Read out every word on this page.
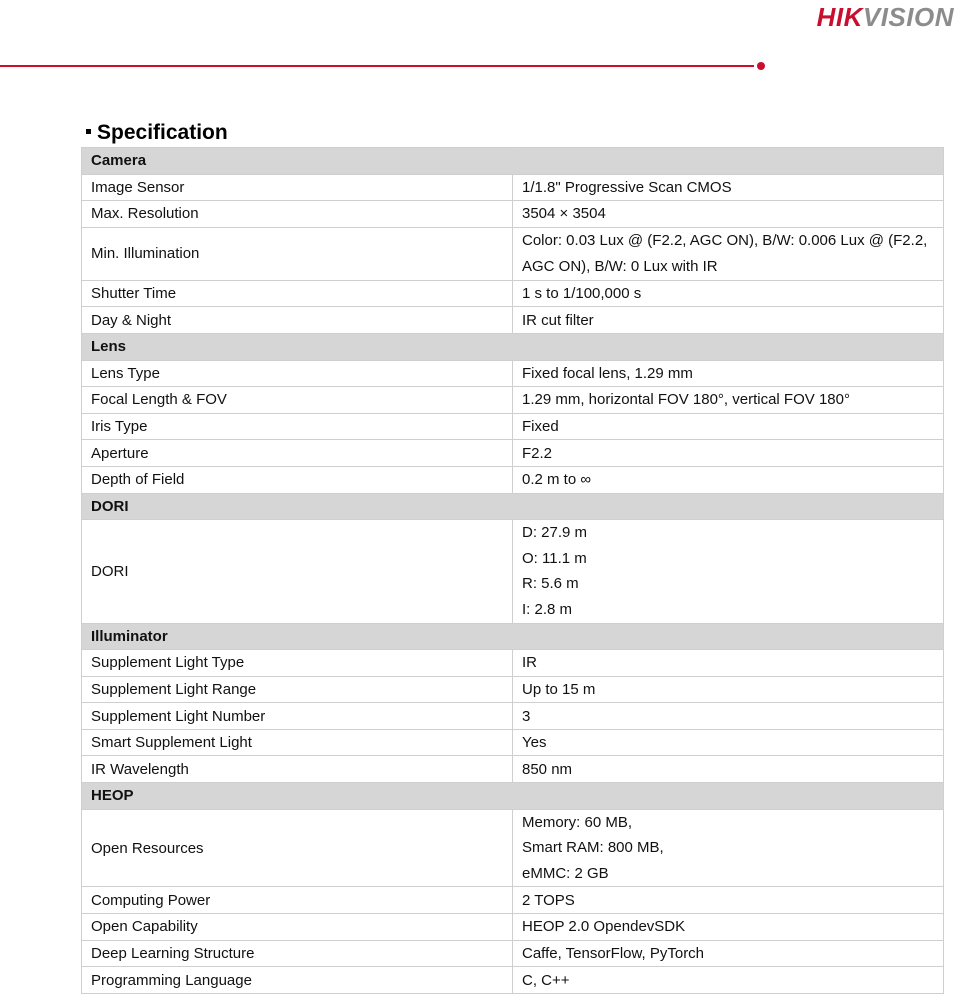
HIKVISION
Specification
Camera	
Image Sensor	1/1.8" Progressive Scan CMOS
Max. Resolution	3504 × 3504
Min. Illumination	Color: 0.03 Lux @ (F2.2, AGC ON), B/W: 0.006 Lux @ (F2.2, AGC ON), B/W: 0 Lux with IR
Shutter Time	1 s to 1/100,000 s
Day & Night	IR cut filter
Lens	
Lens Type	Fixed focal lens, 1.29 mm
Focal Length & FOV	1.29 mm, horizontal FOV 180°, vertical FOV 180°
Iris Type	Fixed
Aperture	F2.2
Depth of Field	0.2 m to ∞
DORI	
DORI	D: 27.9 m
O: 11.1 m
R: 5.6 m
I: 2.8 m

Illuminator	
Supplement Light Type	IR
Supplement Light Range	Up to 15 m
Supplement Light Number	3
Smart Supplement Light	Yes
IR Wavelength	850 nm
HEOP	
Open Resources	Memory: 60 MB,
Smart RAM: 800 MB,
eMMC: 2 GB

Computing Power	2 TOPS
Open Capability	HEOP 2.0 OpendevSDK
Deep Learning Structure	Caffe, TensorFlow, PyTorch
Programming Language	C, C++
